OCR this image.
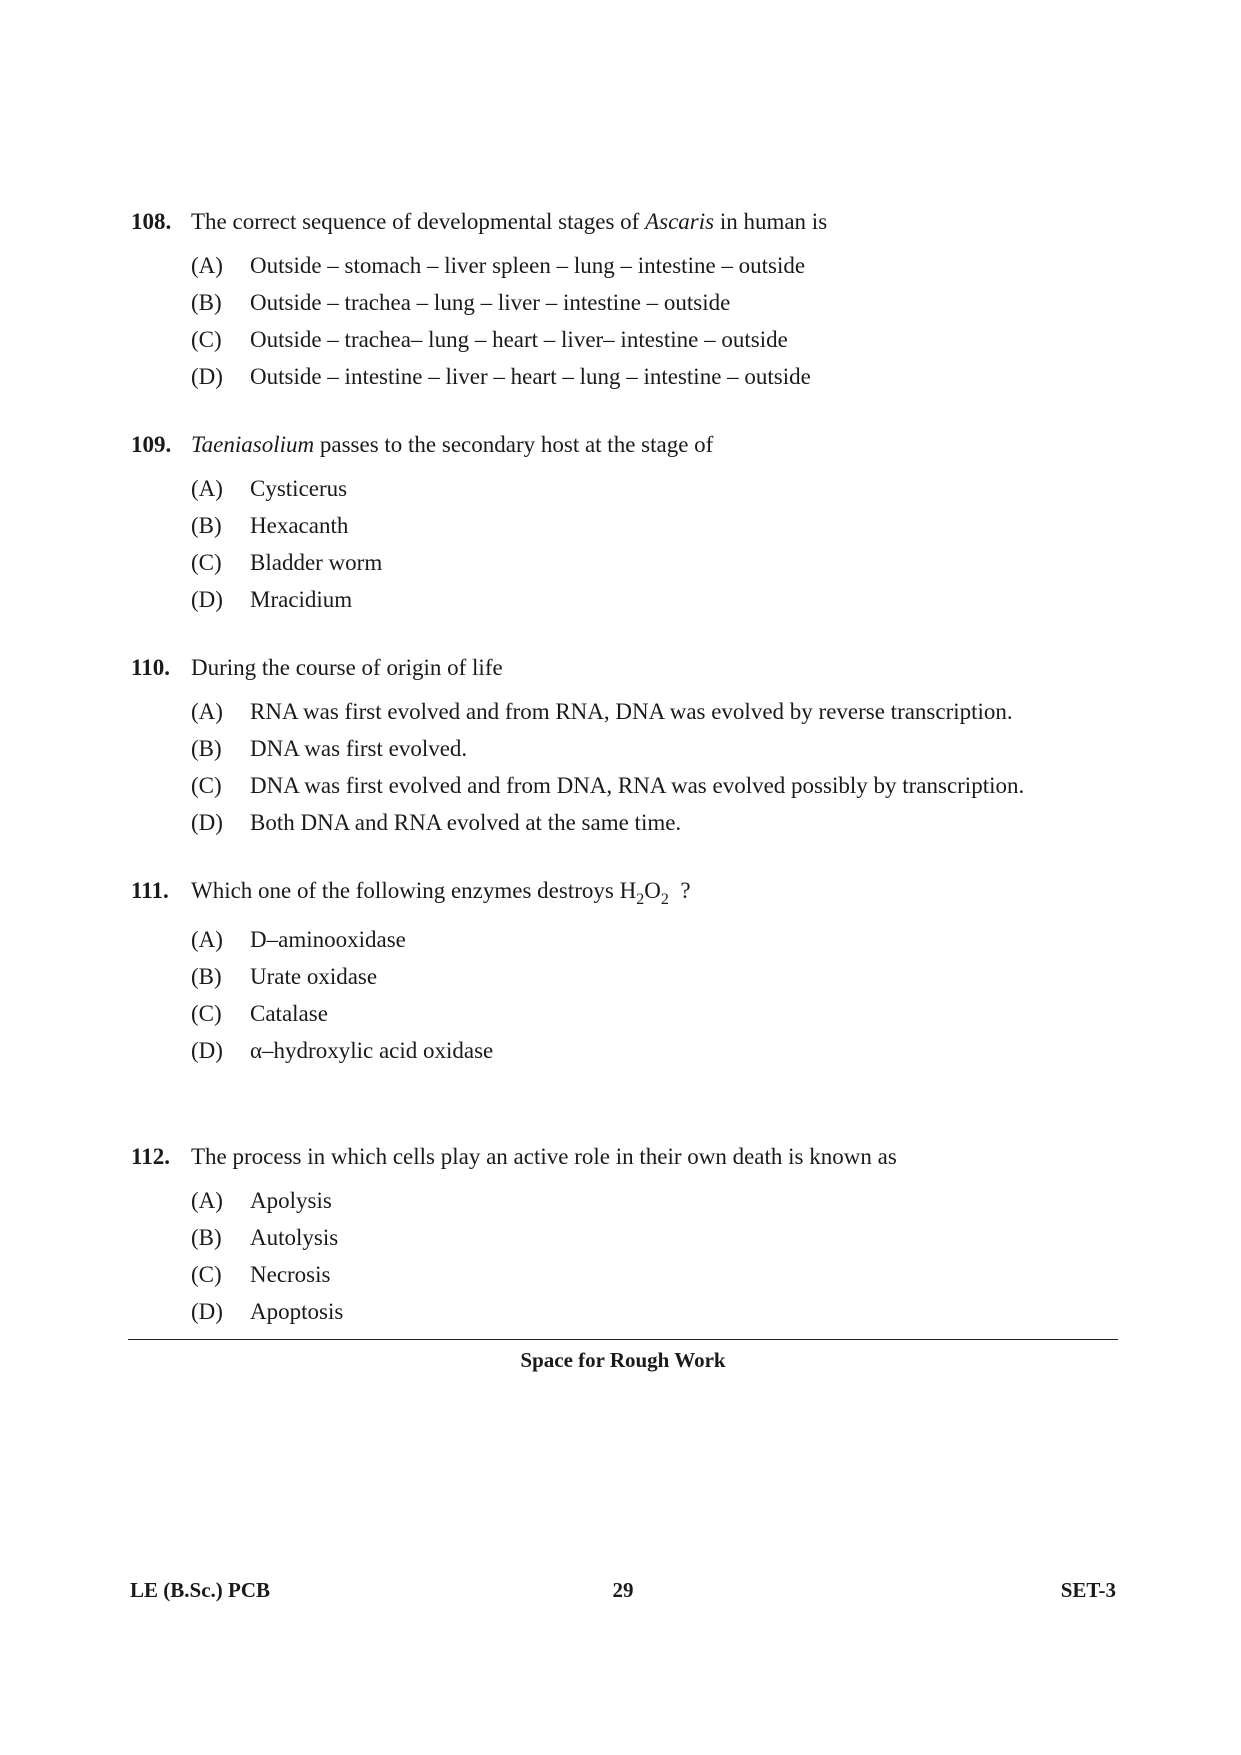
108. The correct sequence of developmental stages of Ascaris in human is
(A)	Outside – stomach – liver spleen – lung – intestine – outside
(B)	Outside – trachea – lung – liver – intestine – outside
(C)	Outside – trachea– lung – heart – liver– intestine – outside
(D)	Outside – intestine – liver – heart – lung – intestine – outside
109. Taeniasolium passes to the secondary host at the stage of
(A)	Cysticerus
(B)	Hexacanth
(C)	Bladder worm
(D)	Mracidium
110. During the course of origin of life
(A)	RNA was first evolved and from RNA, DNA was evolved by reverse transcription.
(B)	DNA was first evolved.
(C)	DNA was first evolved and from DNA, RNA was evolved possibly by transcription.
(D)	Both DNA and RNA evolved at the same time.
111. Which one of the following enzymes destroys $H_2O_2$  ?
(A)	D–aminooxidase
(B)	Urate oxidase
(C)	Catalase
(D)	α–hydroxylic acid oxidase
112. The process in which cells play an active role in their own death is known as
(A)	Apolysis
(B)	Autolysis
(C)	Necrosis
(D)	Apoptosis
Space for Rough Work
LE (B.Sc.) PCB	29	SET-3
